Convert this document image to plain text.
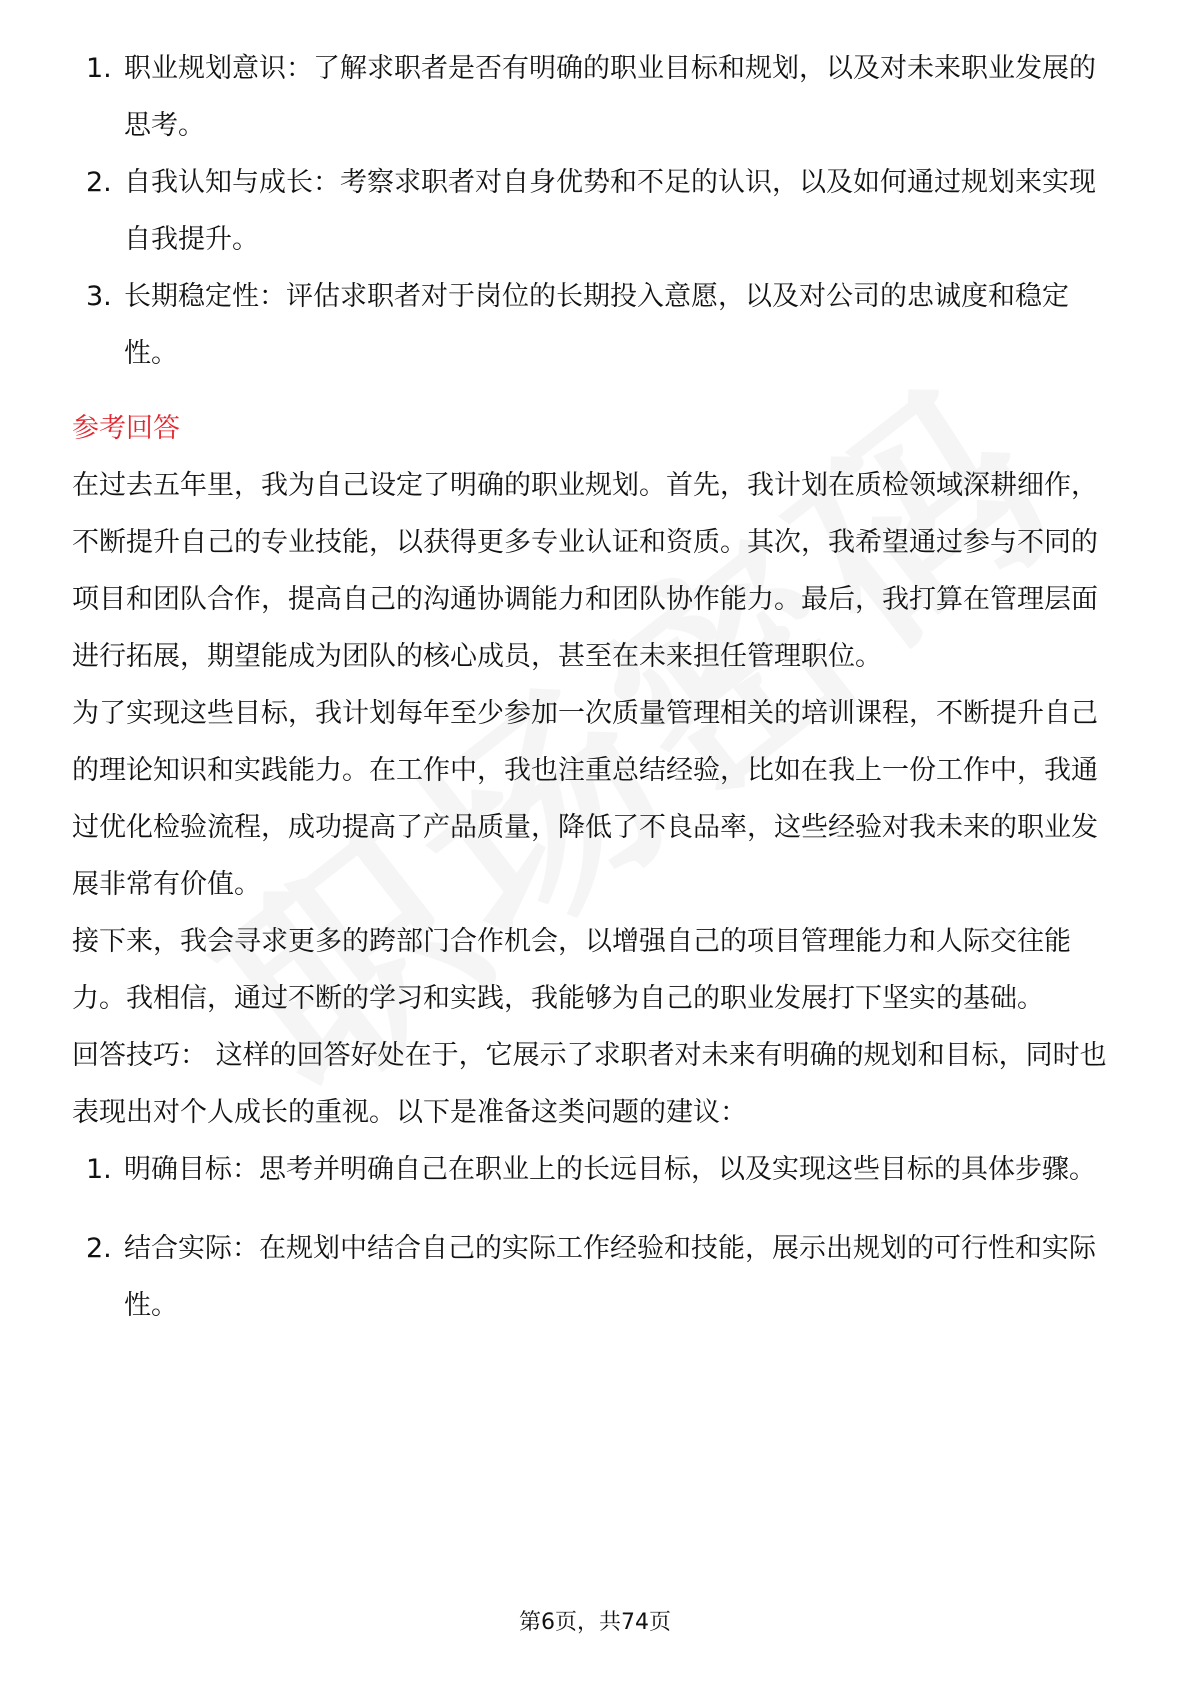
1. 职业规划意识：了解求职者是否有明确的职业目标和规划，以及对未来职业发展的思考。
2. 自我认知与成长：考察求职者对自身优势和不足的认识，以及如何通过规划来实现自我提升。
3. 长期稳定性：评估求职者对于岗位的长期投入意愿，以及对公司的忠诚度和稳定性。
参考回答

在过去五年里，我为自己设定了明确的职业规划。首先，我计划在质检领域深耕细作，不断提升自己的专业技能，以获得更多专业认证和资质。其次，我希望通过参与不同的项目和团队合作，提高自己的沟通协调能力和团队协作能力。最后，我打算在管理层面进行拓展，期望能成为团队的核心成员，甚至在未来担任管理职位。

为了实现这些目标，我计划每年至少参加一次质量管理相关的培训课程，不断提升自己的理论知识和实践能力。在工作中，我也注重总结经验，比如在我上一份工作中，我通过优化检验流程，成功提高了产品质量，降低了不良品率，这些经验对我未来的职业发展非常有价值。

接下来，我会寻求更多的跨部门合作机会，以增强自己的项目管理能力和人际交往能力。我相信，通过不断的学习和实践，我能够为自己的职业发展打下坚实的基础。

回答技巧： 这样的回答好处在于，它展示了求职者对未来有明确的规划和目标，同时也表现出对个人成长的重视。以下是准备这类问题的建议：

1. 明确目标：思考并明确自己在职业上的长远目标，以及实现这些目标的具体步骤。
2. 结合实际：在规划中结合自己的实际工作经验和技能，展示出规划的可行性和实际性。
第6页，共74页
